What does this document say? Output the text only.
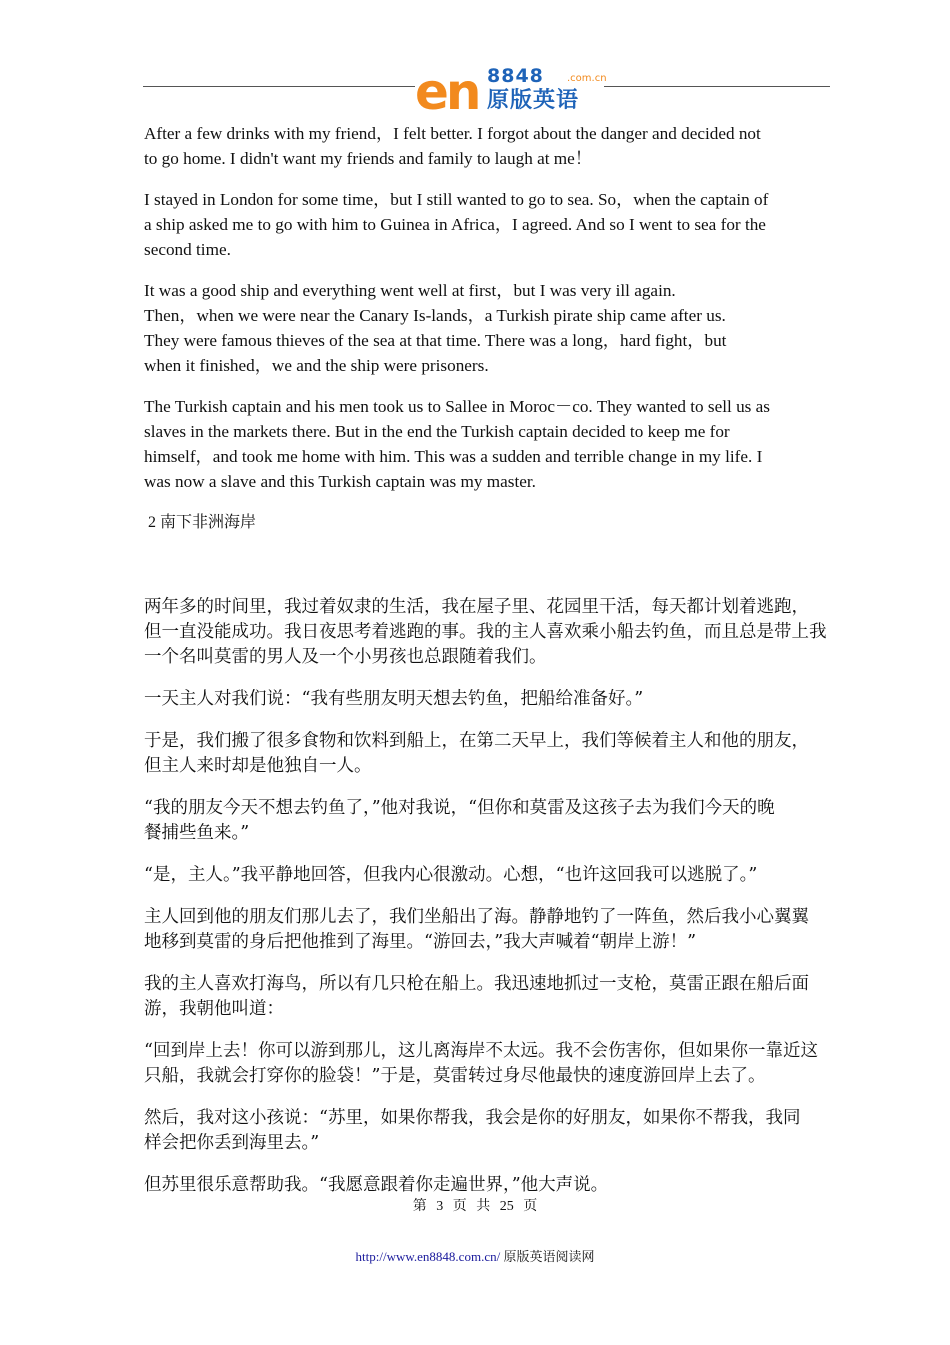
en 8848 .com.cn
原版英语

After a few drinks with my friend，I felt better. I forgot about the danger and decided not
to go home. I didn't want my friends and family to laugh at me！

I stayed in London for some time，but I still wanted to go to sea. So，when the captain of
a ship asked me to go with him to Guinea in Africa，I agreed. And so I went to sea for the
second time.

It was a good ship and everything went well at first，but I was very ill again.
Then，when we were near the Canary Is-lands，a Turkish pirate ship came after us.
They were famous thieves of the sea at that time. There was a long，hard fight，but
when it finished，we and the ship were prisoners.

The Turkish captain and his men took us to Sallee in Moroc－co. They wanted to sell us as
slaves in the markets there. But in the end the Turkish captain decided to keep me for
himself，and took me home with him. This was a sudden and terrible change in my life. I
was now a slave and this Turkish captain was my master.

2 南下非洲海岸

两年多的时间里，我过着奴隶的生活，我在屋子里、花园里干活，每天都计划着逃跑，
但一直没能成功。我日夜思考着逃跑的事。我的主人喜欢乘小船去钓鱼，而且总是带上我
一个名叫莫雷的男人及一个小男孩也总跟随着我们。

一天主人对我们说：“我有些朋友明天想去钓鱼，把船给准备好。”

于是，我们搬了很多食物和饮料到船上，在第二天早上，我们等候着主人和他的朋友，
但主人来时却是他独自一人。

“我的朋友今天不想去钓鱼了，”他对我说，“但你和莫雷及这孩子去为我们今天的晚
餐捕些鱼来。”

“是，主人。”我平静地回答，但我内心很激动。心想，“也许这回我可以逃脱了。”

主人回到他的朋友们那儿去了，我们坐船出了海。静静地钓了一阵鱼，然后我小心翼翼
地移到莫雷的身后把他推到了海里。“游回去，”我大声喊着“朝岸上游！”

我的主人喜欢打海鸟，所以有几只枪在船上。我迅速地抓过一支枪，莫雷正跟在船后面
游，我朝他叫道：

“回到岸上去！你可以游到那儿，这儿离海岸不太远。我不会伤害你，但如果你一靠近这
只船，我就会打穿你的脸袋！”于是，莫雷转过身尽他最快的速度游回岸上去了。

然后，我对这小孩说：“苏里，如果你帮我，我会是你的好朋友，如果你不帮我，我同
样会把你丢到海里去。”

但苏里很乐意帮助我。“我愿意跟着你走遍世界，”他大声说。

第 3 页 共 25 页
http://www.en8848.com.cn/ 原版英语阅读网
